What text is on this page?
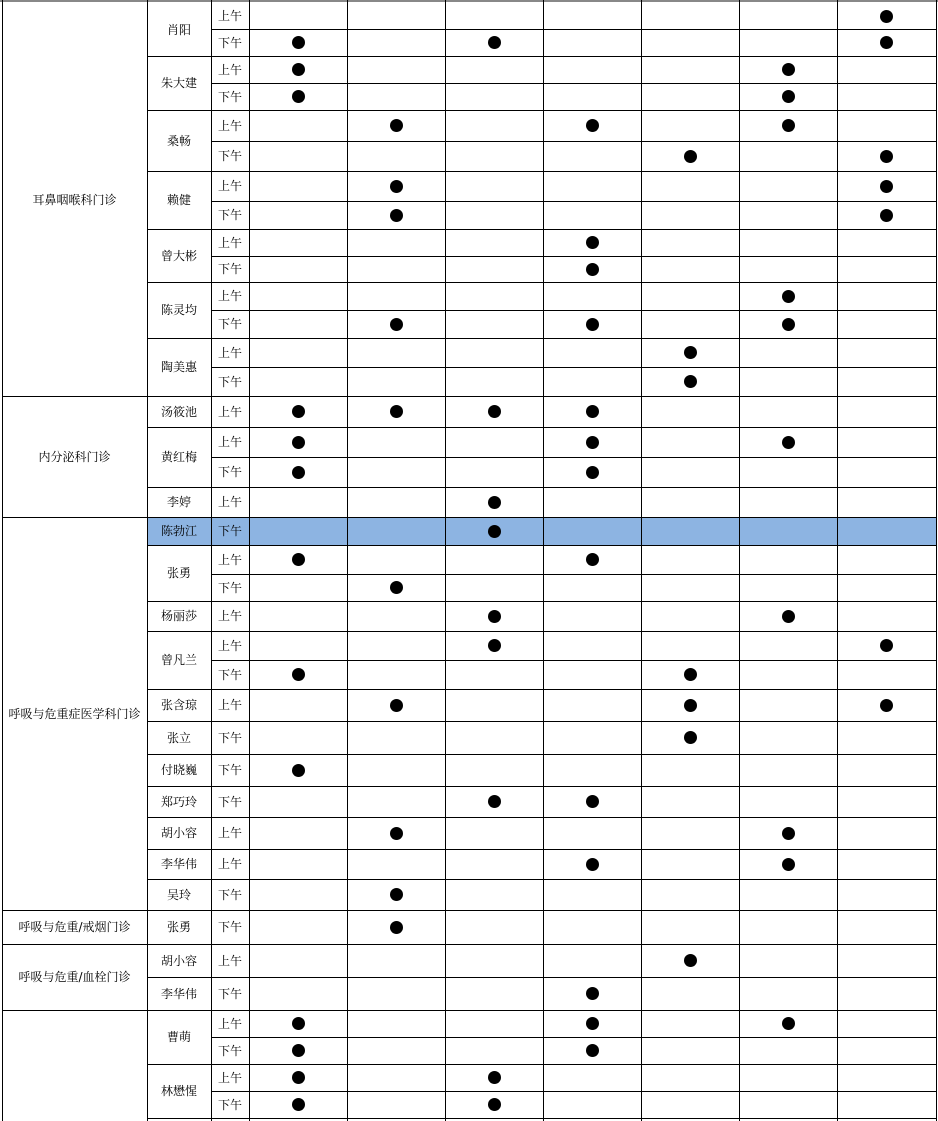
耳鼻咽喉科门诊
内分泌科门诊
呼吸与危重症医学科门诊
呼吸与危重/戒烟门诊
呼吸与危重/血栓门诊
肖阳
朱大建
桑畅
赖健
曾大彬
陈灵均
陶美惠
汤筱池
黄红梅
李婷
陈勃江
张勇
杨丽莎
曾凡兰
张含琼
张立
付晓巍
郑巧玲
胡小容
李华伟
吴玲
张勇
胡小容
李华伟
曹萌
林懋惺
上午
下午
上午
下午
上午
下午
上午
下午
上午
下午
上午
下午
上午
下午
上午
上午
下午
上午
下午
上午
下午
上午
上午
下午
上午
下午
下午
下午
上午
上午
下午
下午
上午
下午
上午
下午
上午
下午
